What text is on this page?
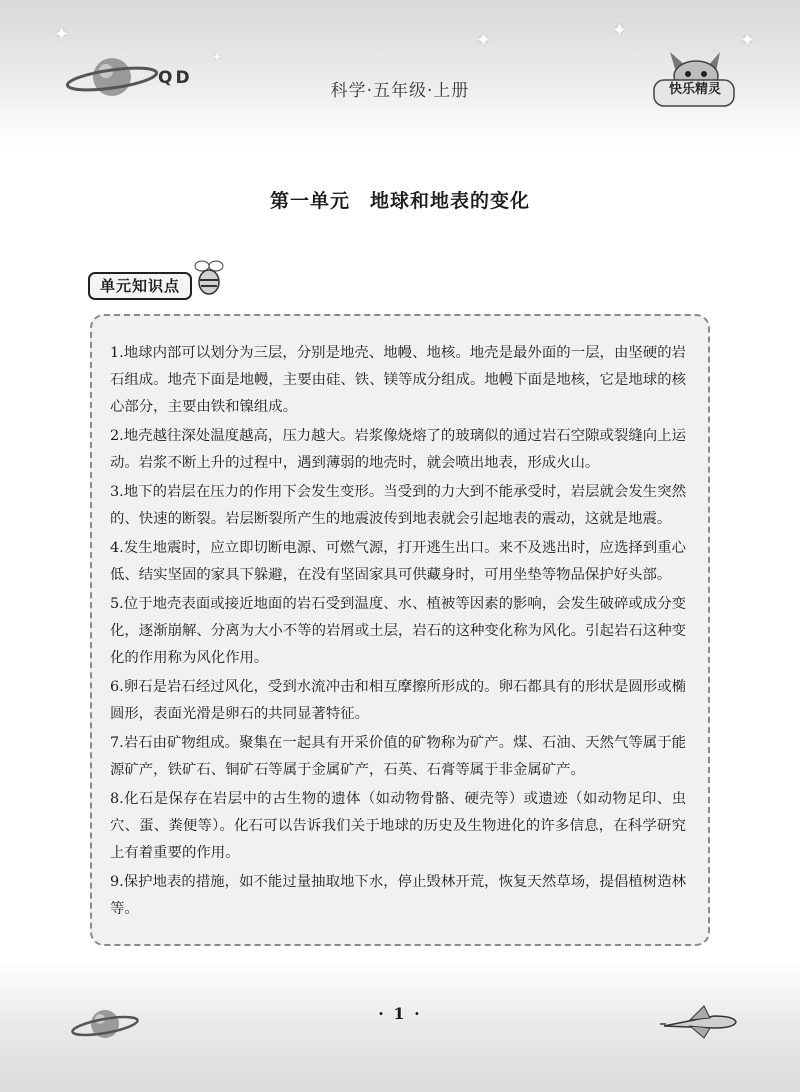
✦	✦	✦	✦
✦
QD
科学·五年级·上册	快乐精灵
第一单元　地球和地表的变化
单元知识点

1.地球内部可以划分为三层，分别是地壳、地幔、地核。地壳是最外面的一层，由坚硬的岩石组成。地壳下面是地幔，主要由硅、铁、镁等成分组成。地幔下面是地核，它是地球的核心部分，主要由铁和镍组成。

2.地壳越往深处温度越高，压力越大。岩浆像烧熔了的玻璃似的通过岩石空隙或裂缝向上运动。岩浆不断上升的过程中，遇到薄弱的地壳时，就会喷出地表，形成火山。

3.地下的岩层在压力的作用下会发生变形。当受到的力大到不能承受时，岩层就会发生突然的、快速的断裂。岩层断裂所产生的地震波传到地表就会引起地表的震动，这就是地震。

4.发生地震时，应立即切断电源、可燃气源，打开逃生出口。来不及逃出时，应选择到重心低、结实坚固的家具下躲避，在没有坚固家具可供藏身时，可用坐垫等物品保护好头部。

5.位于地壳表面或接近地面的岩石受到温度、水、植被等因素的影响，会发生破碎或成分变化，逐渐崩解、分离为大小不等的岩屑或土层，岩石的这种变化称为风化。引起岩石这种变化的作用称为风化作用。

6.卵石是岩石经过风化，受到水流冲击和相互摩擦所形成的。卵石都具有的形状是圆形或椭圆形，表面光滑是卵石的共同显著特征。

7.岩石由矿物组成。聚集在一起具有开采价值的矿物称为矿产。煤、石油、天然气等属于能源矿产，铁矿石、铜矿石等属于金属矿产，石英、石膏等属于非金属矿产。

8.化石是保存在岩层中的古生物的遗体（如动物骨骼、硬壳等）或遗迹（如动物足印、虫穴、蛋、粪便等）。化石可以告诉我们关于地球的历史及生物进化的许多信息，在科学研究上有着重要的作用。

9.保护地表的措施，如不能过量抽取地下水，停止毁林开荒，恢复天然草场，提倡植树造林等。

· 1 ·
